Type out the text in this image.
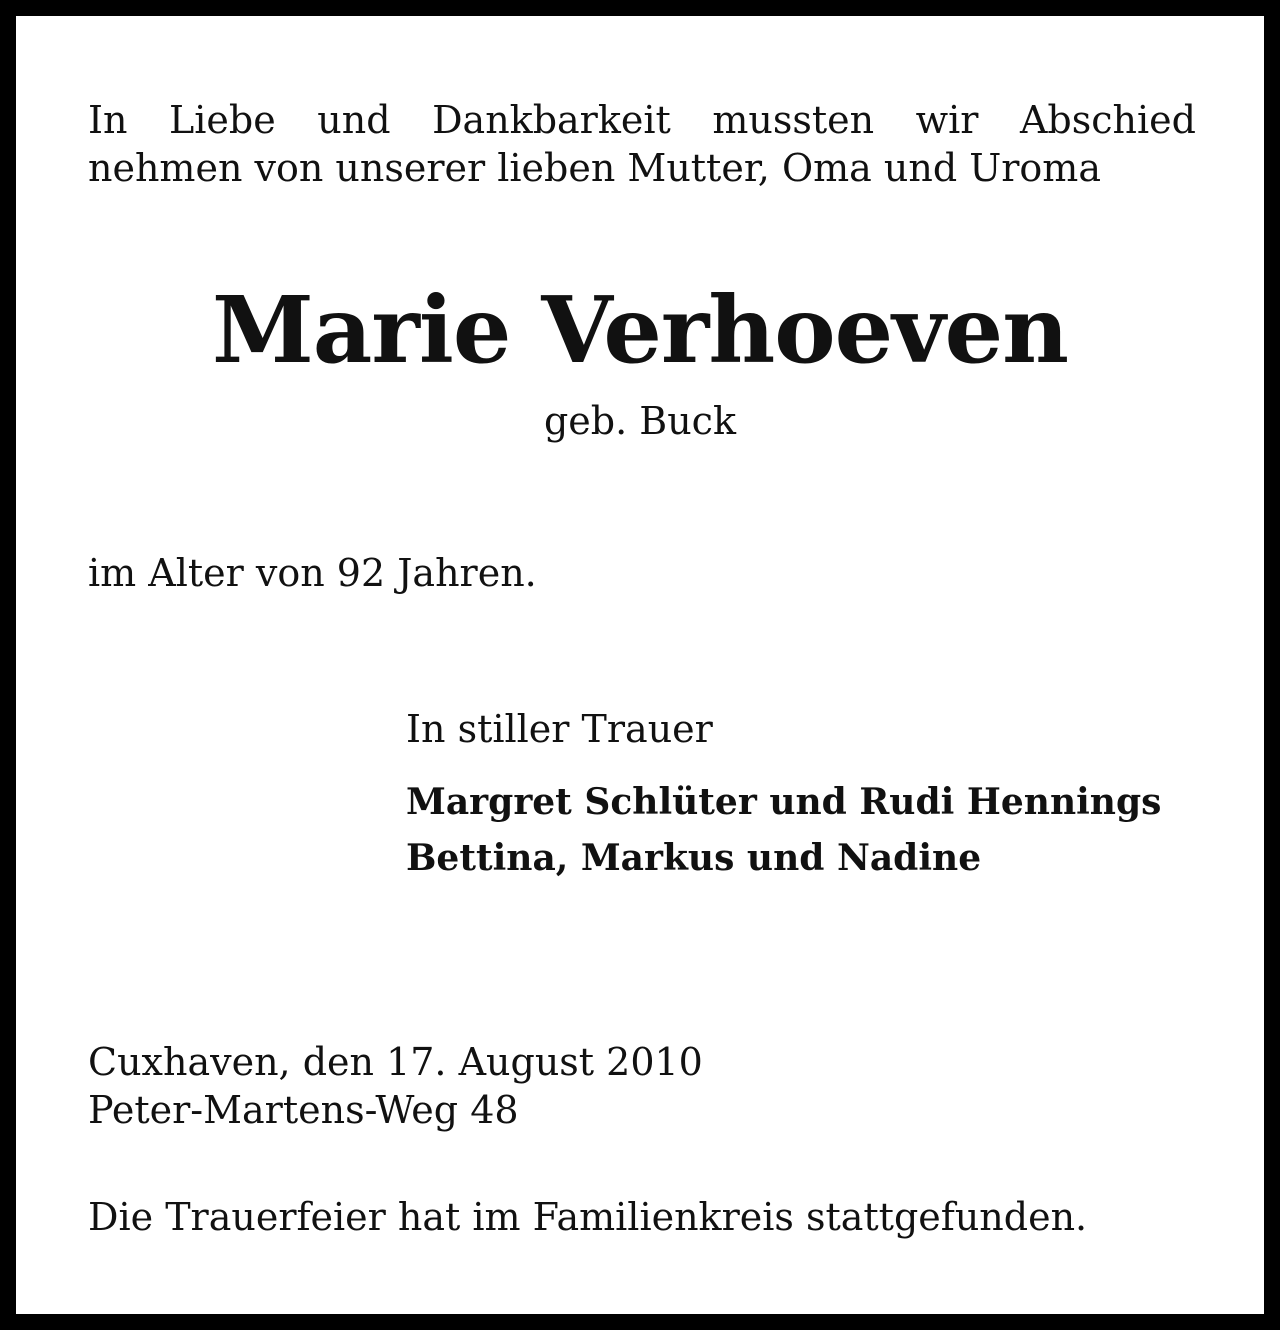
In Liebe und Dankbarkeit mussten wir Abschied
nehmen von unserer lieben Mutter, Oma und Uroma
Marie Verhoeven
geb. Buck
im Alter von 92 Jahren.
In stiller Trauer
Margret Schlüter und Rudi Hennings
Bettina, Markus und Nadine
Cuxhaven, den 17. August 2010
Peter-Martens-Weg 48
Die Trauerfeier hat im Familienkreis stattgefunden.
